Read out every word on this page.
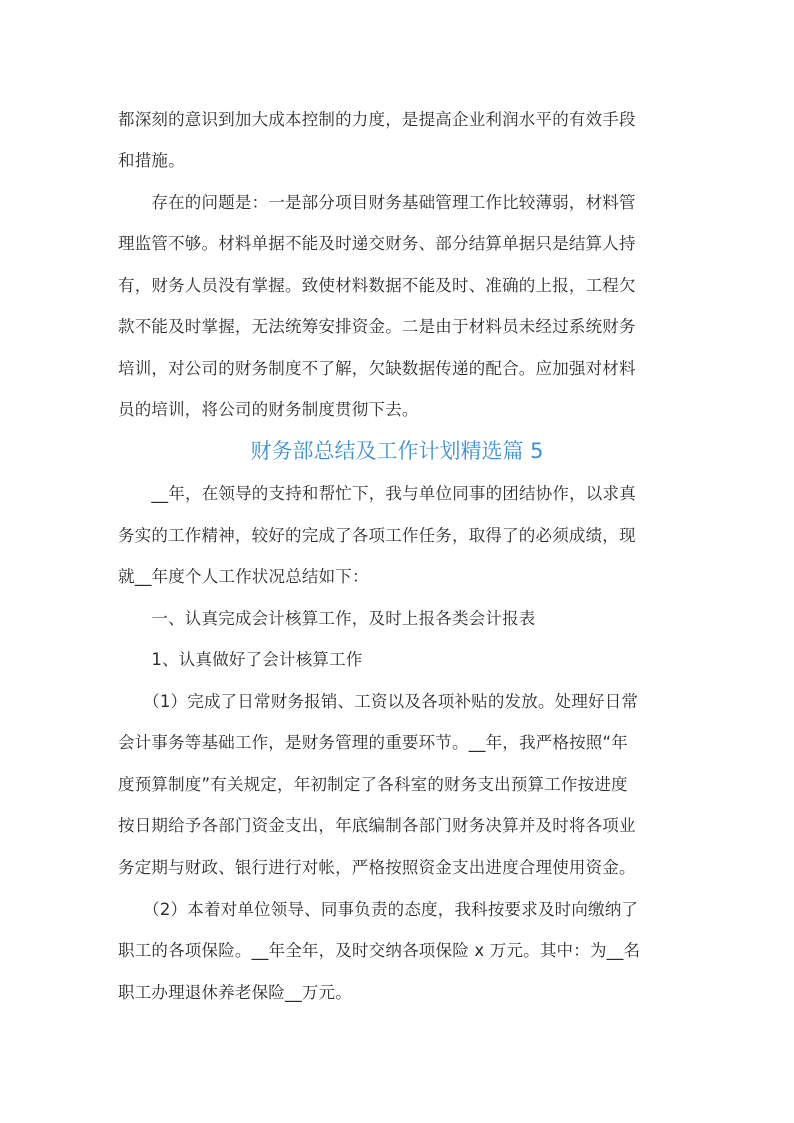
都深刻的意识到加大成本控制的力度，是提高企业利润水平的有效手段
和措施。
　　存在的问题是：一是部分项目财务基础管理工作比较薄弱，材料管
理监管不够。材料单据不能及时递交财务、部分结算单据只是结算人持
有，财务人员没有掌握。致使材料数据不能及时、准确的上报，工程欠
款不能及时掌握，无法统筹安排资金。二是由于材料员未经过系统财务
培训，对公司的财务制度不了解，欠缺数据传递的配合。应加强对材料
员的培训，将公司的财务制度贯彻下去。
财务部总结及工作计划精选篇 5
　　__年，在领导的支持和帮忙下，我与单位同事的团结协作，以求真
务实的工作精神，较好的完成了各项工作任务，取得了的必须成绩，现
就__年度个人工作状况总结如下：
　　一、认真完成会计核算工作，及时上报各类会计报表
　　1、认真做好了会计核算工作
　　（1）完成了日常财务报销、工资以及各项补贴的发放。处理好日常
会计事务等基础工作，是财务管理的重要环节。__年，我严格按照“年
度预算制度”有关规定，年初制定了各科室的财务支出预算工作按进度
按日期给予各部门资金支出，年底编制各部门财务决算并及时将各项业
务定期与财政、银行进行对帐，严格按照资金支出进度合理使用资金。
　　（2）本着对单位领导、同事负责的态度，我科按要求及时向缴纳了
职工的各项保险。__年全年，及时交纳各项保险 x 万元。其中：为__名
职工办理退休养老保险__万元。
